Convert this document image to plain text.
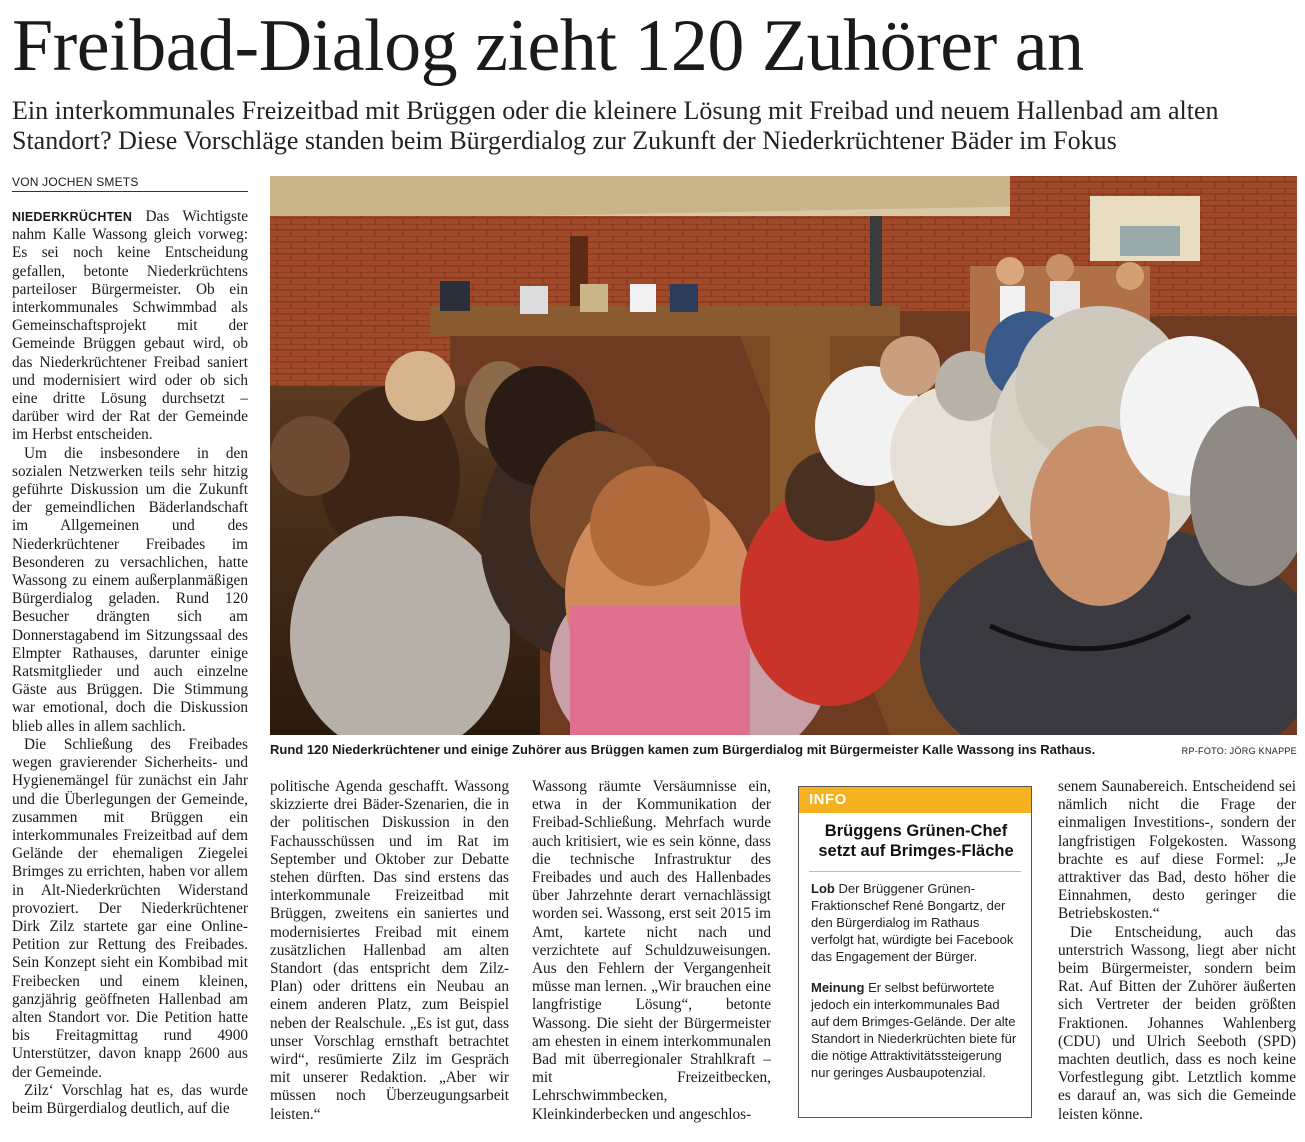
Freibad-Dialog zieht 120 Zuhörer an
Ein interkommunales Freizeitbad mit Brüggen oder die kleinere Lösung mit Freibad und neuem Hallenbad am alten Standort? Diese Vorschläge standen beim Bürgerdialog zur Zukunft der Niederkrüchtener Bäder im Fokus
VON JOCHEN SMETS

NIEDERKRÜCHTEN Das Wichtigste nahm Kalle Wassong gleich vorweg: Es sei noch keine Entscheidung gefallen, betonte Niederkrüchtens parteiloser Bürgermeister. Ob ein interkommunales Schwimmbad als Gemeinschaftsprojekt mit der Gemeinde Brüggen gebaut wird, ob das Niederkrüchtener Freibad saniert und modernisiert wird oder ob sich eine dritte Lösung durchsetzt – darüber wird der Rat der Gemeinde im Herbst entscheiden.

Um die insbesondere in den sozialen Netzwerken teils sehr hitzig geführte Diskussion um die Zukunft der gemeindlichen Bäderlandschaft im Allgemeinen und des Niederkrüchtener Freibades im Besonderen zu versachlichen, hatte Wassong zu einem außerplanmäßigen Bürgerdialog geladen. Rund 120 Besucher drängten sich am Donnerstagabend im Sitzungssaal des Elmpter Rathauses, darunter einige Ratsmitglieder und auch einzelne Gäste aus Brüggen. Die Stimmung war emotional, doch die Diskussion blieb alles in allem sachlich.

Die Schließung des Freibades wegen gravierender Sicherheits- und Hygienemängel für zunächst ein Jahr und die Überlegungen der Gemeinde, zusammen mit Brüggen ein interkommunales Freizeitbad auf dem Gelände der ehemaligen Ziegelei Brimges zu errichten, haben vor allem in Alt-Niederkrüchten Widerstand provoziert. Der Niederkrüchtener Dirk Zilz startete gar eine Online-Petition zur Rettung des Freibades. Sein Konzept sieht ein Kombibad mit Freibecken und einem kleinen, ganzjährig geöffneten Hallenbad am alten Standort vor. Die Petition hatte bis Freitagmittag rund 4900 Unterstützer, davon knapp 2600 aus der Gemeinde.

Zilz‘ Vorschlag hat es, das wurde beim Bürgerdialog deutlich, auf die

Rund 120 Niederkrüchtener und einige Zuhörer aus Brüggen kamen zum Bürgerdialog mit Bürgermeister Kalle Wassong ins Rathaus.	RP-FOTO: JÖRG KNAPPE

politische Agenda geschafft. Wassong skizzierte drei Bäder-Szenarien, die in der politischen Diskussion in den Fachausschüssen und im Rat im September und Oktober zur Debatte stehen dürften. Das sind erstens das interkommunale Freizeitbad mit Brüggen, zweitens ein saniertes und modernisiertes Freibad mit einem zusätzlichen Hallenbad am alten Standort (das entspricht dem Zilz-Plan) oder drittens ein Neubau an einem anderen Platz, zum Beispiel neben der Realschule. „Es ist gut, dass unser Vorschlag ernsthaft betrachtet wird“, resümierte Zilz im Gespräch mit unserer Redaktion. „Aber wir müssen noch Überzeugungsarbeit leisten.“

Wassong räumte Versäumnisse ein, etwa in der Kommunikation der Freibad-Schließung. Mehrfach wurde auch kritisiert, wie es sein könne, dass die technische Infrastruktur des Freibades und auch des Hallenbades über Jahrzehnte derart vernachlässigt worden sei. Wassong, erst seit 2015 im Amt, kartete nicht nach und verzichtete auf Schuldzuweisungen. Aus den Fehlern der Vergangenheit müsse man lernen. „Wir brauchen eine langfristige Lösung“, betonte Wassong. Die sieht der Bürgermeister am ehesten in einem interkommunalen Bad mit überregionaler Strahlkraft – mit Freizeitbecken, Lehrschwimmbecken, Kleinkinderbecken und angeschlos-

INFO
Brüggens Grünen-Chef setzt auf Brimges-Fläche

Lob Der Brüggener Grünen-Fraktionschef René Bongartz, der den Bürgerdialog im Rathaus verfolgt hat, würdigte bei Facebook das Engagement der Bürger.

Meinung Er selbst befürwortete jedoch ein interkommunales Bad auf dem Brimges-Gelände. Der alte Standort in Niederkrüchten biete für die nötige Attraktivitätssteigerung nur geringes Ausbaupotenzial.

senem Saunabereich. Entscheidend sei nämlich nicht die Frage der einmaligen Investitions-, sondern der langfristigen Folgekosten. Wassong brachte es auf diese Formel: „Je attraktiver das Bad, desto höher die Einnahmen, desto geringer die Betriebskosten.“

Die Entscheidung, auch das unterstrich Wassong, liegt aber nicht beim Bürgermeister, sondern beim Rat. Auf Bitten der Zuhörer äußerten sich Vertreter der beiden größten Fraktionen. Johannes Wahlenberg (CDU) und Ulrich Seeboth (SPD) machten deutlich, dass es noch keine Vorfestlegung gibt. Letztlich komme es darauf an, was sich die Gemeinde leisten könne.
